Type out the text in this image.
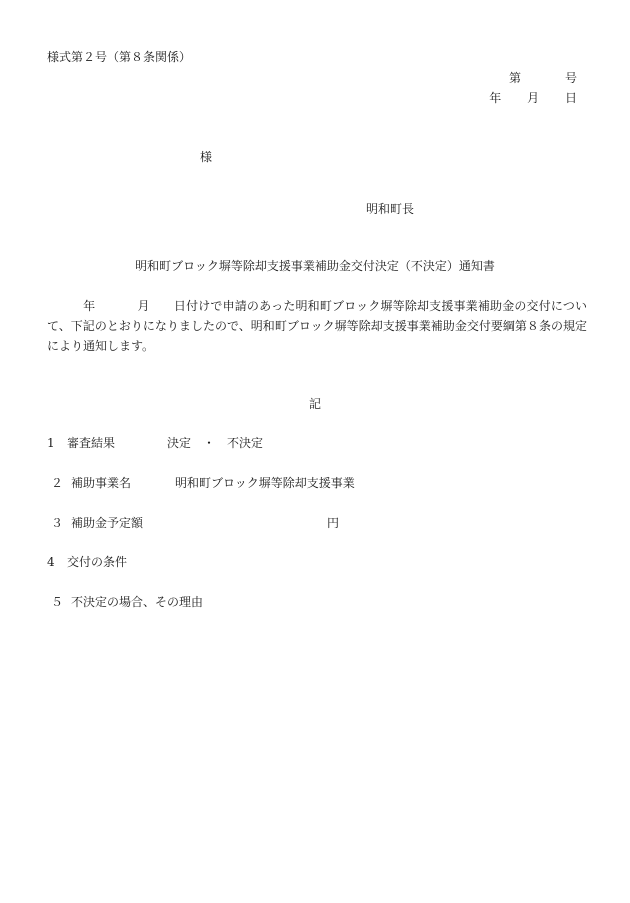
様式第２号（第８条関係）
第	号
年 月 日
様
明和町長
明和町ブロック塀等除却支援事業補助金交付決定（不決定）通知書
年	月 日付けで申請のあった明和町ブロック塀等除却支援事業補助金の交付について、下記のとおりになりましたので、明和町ブロック塀等除却支援事業補助金交付要綱第８条の規定により通知します。
記
1 審査結果	決定　・　不決定
２ 補助事業名	明和町ブロック塀等除却支援事業
３ 補助金予定額	円
4 交付の条件
５ 不決定の場合、その理由
